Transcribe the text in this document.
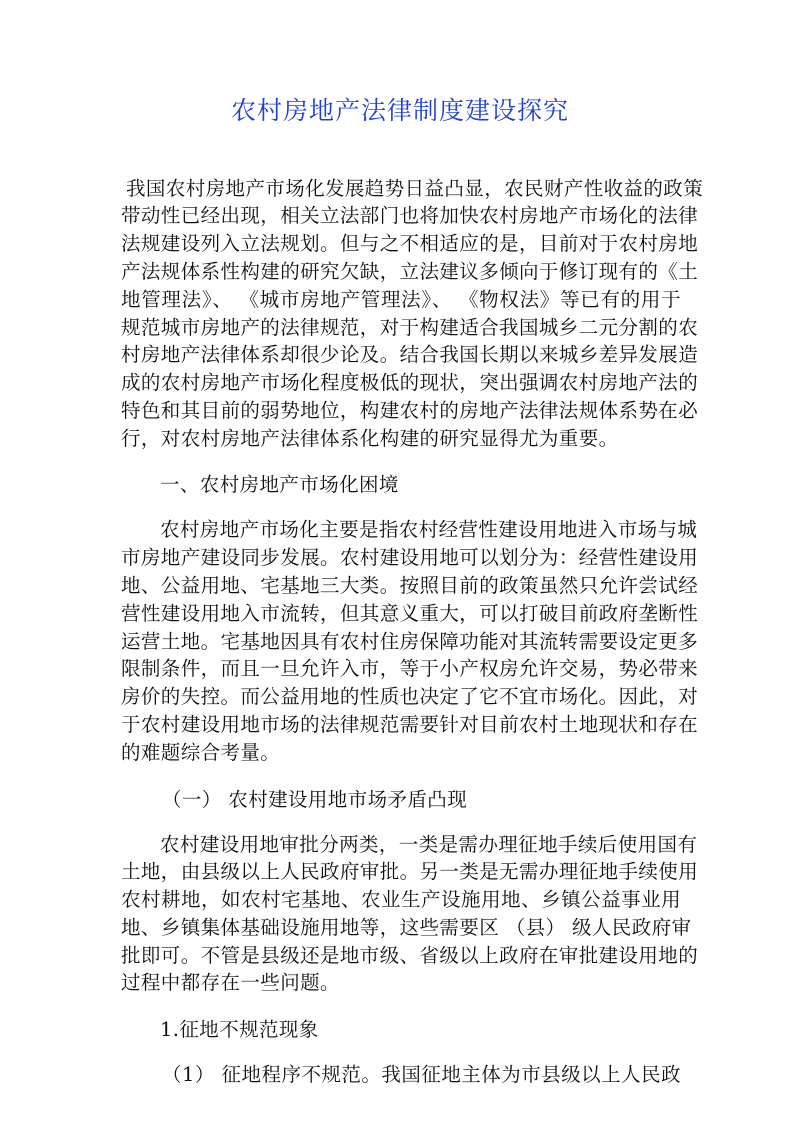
农村房地产法律制度建设探究
我国农村房地产市场化发展趋势日益凸显，农民财产性收益的政策
带动性已经出现，相关立法部门也将加快农村房地产市场化的法律
法规建设列入立法规划。但与之不相适应的是，目前对于农村房地
产法规体系性构建的研究欠缺，立法建议多倾向于修订现有的《土
地管理法》、 《城市房地产管理法》、 《物权法》等已有的用于
规范城市房地产的法律规范，对于构建适合我国城乡二元分割的农
村房地产法律体系却很少论及。结合我国长期以来城乡差异发展造
成的农村房地产市场化程度极低的现状，突出强调农村房地产法的
特色和其目前的弱势地位，构建农村的房地产法律法规体系势在必
行，对农村房地产法律体系化构建的研究显得尤为重要。
一、农村房地产市场化困境
农村房地产市场化主要是指农村经营性建设用地进入市场与城
市房地产建设同步发展。农村建设用地可以划分为：经营性建设用
地、公益用地、宅基地三大类。按照目前的政策虽然只允许尝试经
营性建设用地入市流转，但其意义重大，可以打破目前政府垄断性
运营土地。宅基地因具有农村住房保障功能对其流转需要设定更多
限制条件，而且一旦允许入市，等于小产权房允许交易，势必带来
房价的失控。而公益用地的性质也决定了它不宜市场化。因此，对
于农村建设用地市场的法律规范需要针对目前农村土地现状和存在
的难题综合考量。
（一） 农村建设用地市场矛盾凸现
农村建设用地审批分两类，一类是需办理征地手续后使用国有
土地，由县级以上人民政府审批。另一类是无需办理征地手续使用
农村耕地，如农村宅基地、农业生产设施用地、乡镇公益事业用
地、乡镇集体基础设施用地等，这些需要区 （县） 级人民政府审
批即可。不管是县级还是地市级、省级以上政府在审批建设用地的
过程中都存在一些问题。
1.征地不规范现象
（1） 征地程序不规范。我国征地主体为市县级以上人民政
